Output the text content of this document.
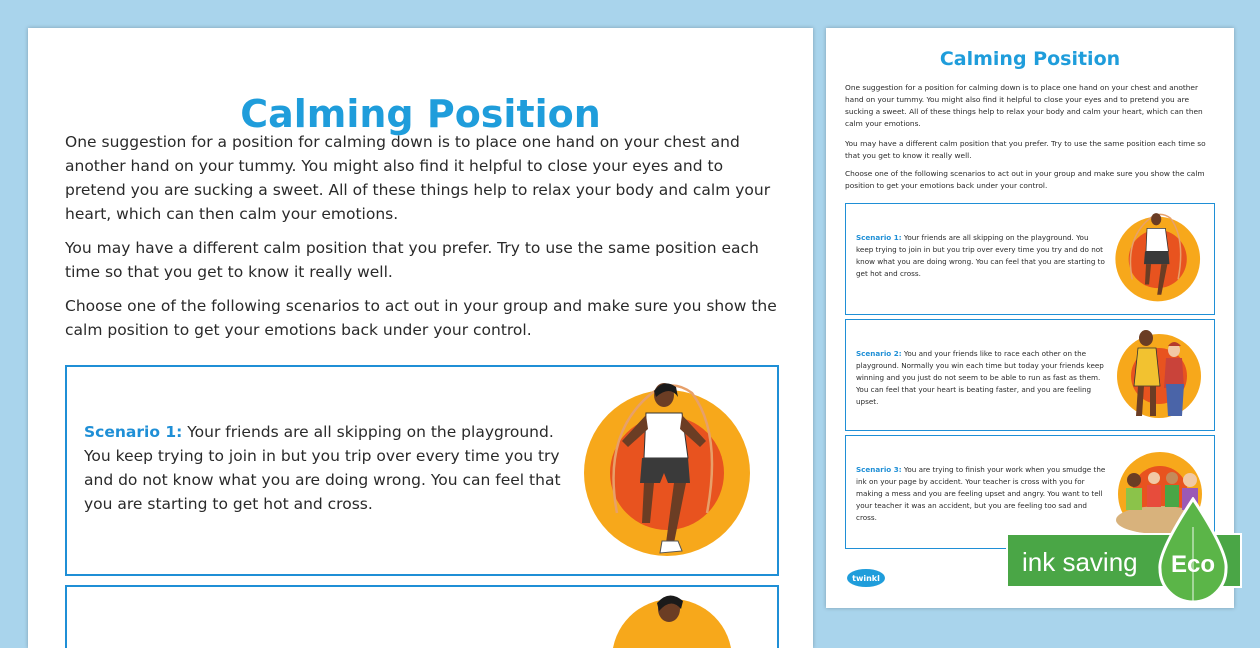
Calming Position

One suggestion for a position for calming down is to place one hand on your chest and another hand on your tummy. You might also find it helpful to close your eyes and to pretend you are sucking a sweet. All of these things help to relax your body and calm your heart, which can then calm your emotions.

You may have a different calm position that you prefer. Try to use the same position each time so that you get to know it really well.

Choose one of the following scenarios to act out in your group and make sure you show the calm position to get your emotions back under your control.

Scenario 1: Your friends are all skipping on the playground. You keep trying to join in but you trip over every time you try and do not know what you are doing wrong. You can feel that you are starting to get hot and cross.

Calming Position

One suggestion for a position for calming down is to place one hand on your chest and another hand on your tummy. You might also find it helpful to close your eyes and to pretend you are sucking a sweet. All of these things help to relax your body and calm your heart, which can then calm your emotions.

You may have a different calm position that you prefer. Try to use the same position each time so that you get to know it really well.

Choose one of the following scenarios to act out in your group and make sure you show the calm position to get your emotions back under your control.

Scenario 1: Your friends are all skipping on the playground. You keep trying to join in but you trip over every time you try and do not know what you are doing wrong. You can feel that you are starting to get hot and cross.

Scenario 2: You and your friends like to race each other on the playground. Normally you win each time but today your friends keep winning and you just do not seem to be able to run as fast as them. You can feel that your heart is beating faster, and you are feeling upset.

Scenario 3: You are trying to finish your work when you smudge the ink on your page by accident. Your teacher is cross with you for making a mess and you are feeling upset and angry. You want to tell your teacher it was an accident, but you are feeling too sad and cross.

twinkl
ink saving Eco
